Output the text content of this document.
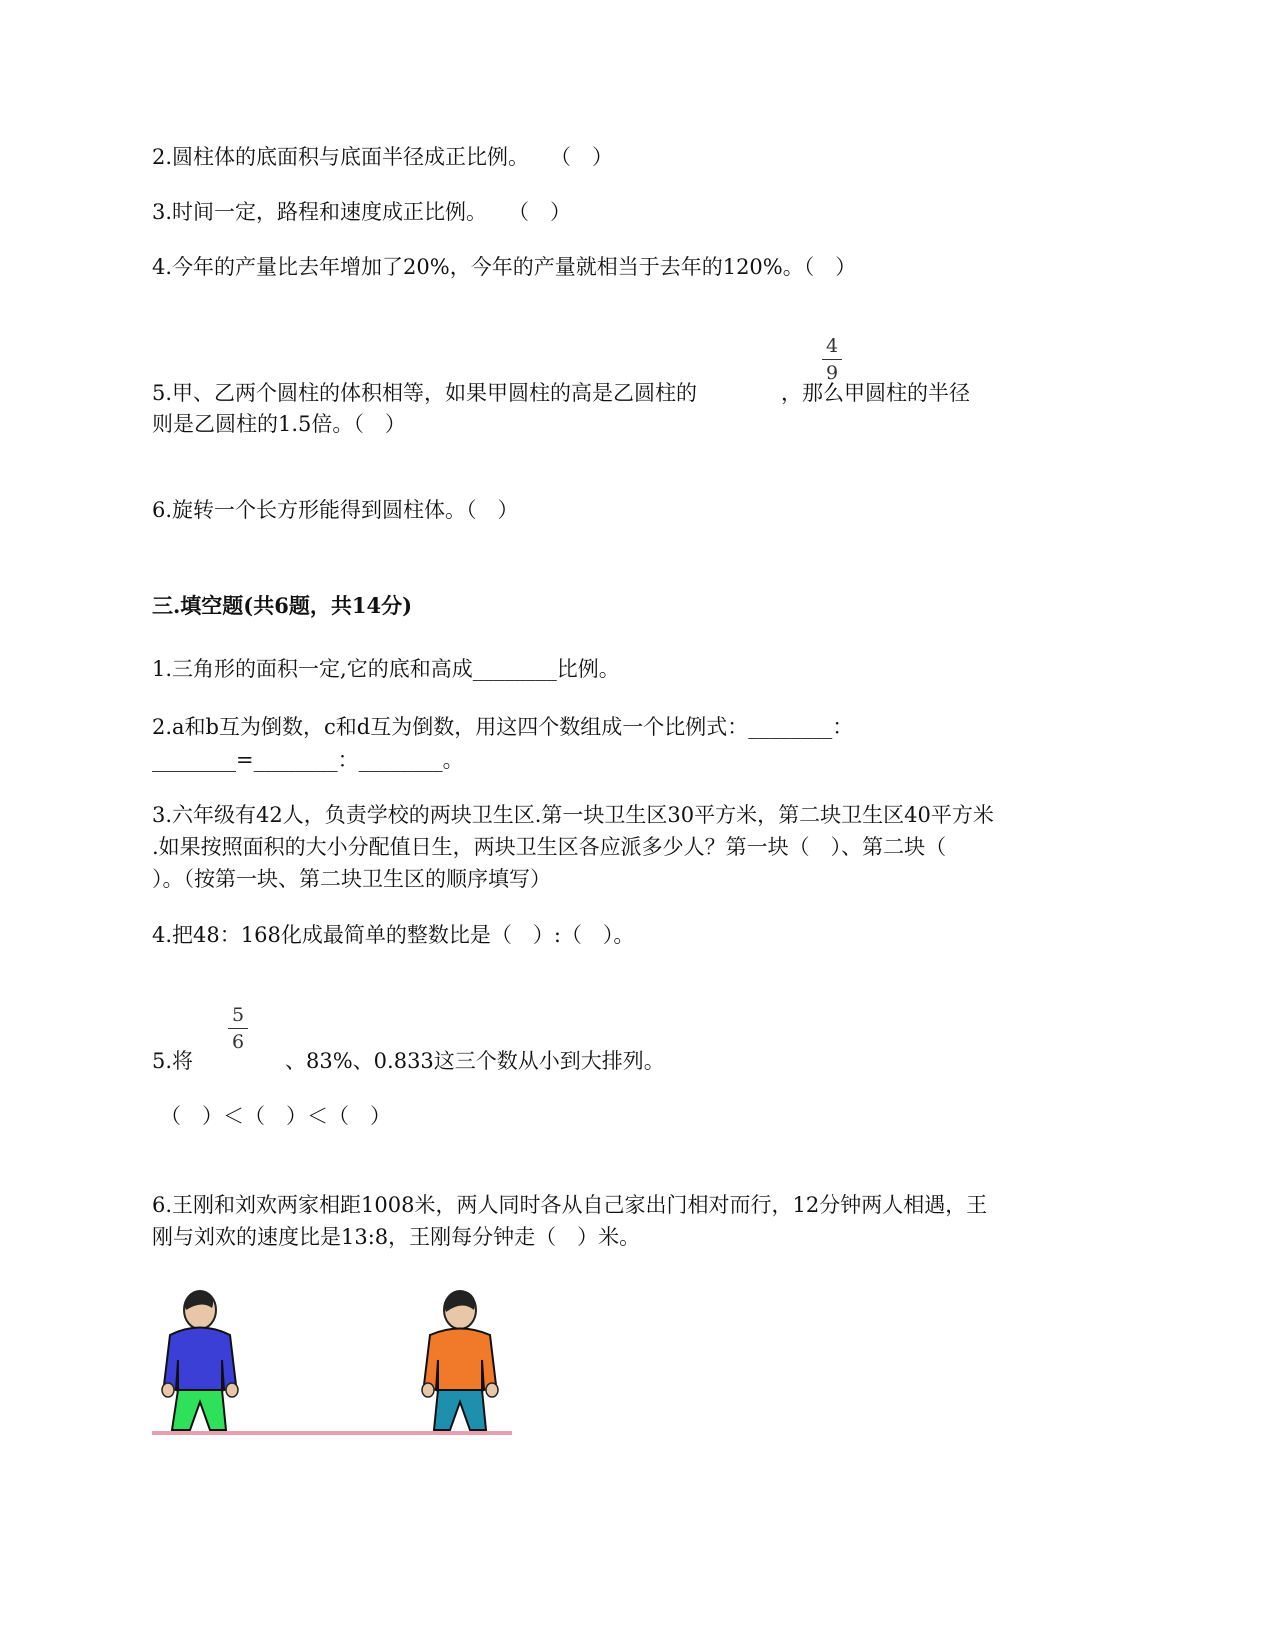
2.圆柱体的底面积与底面半径成正比例。　　（　）
3.时间一定，路程和速度成正比例。　　（　）
4.今年的产量比去年增加了20%，今年的产量就相当于去年的120%。（　）
4
9
5.甲、乙两个圆柱的体积相等，如果甲圆柱的高是乙圆柱的　　　　，那么甲圆柱的半径
则是乙圆柱的1.5倍。（　）
6.旋转一个长方形能得到圆柱体。（　）
三.填空题(共6题，共14分)
1.三角形的面积一定,它的底和高成________比例。
2.a和b互为倒数，c和d互为倒数，用这四个数组成一个比例式：________：
________=________：________。
3.六年级有42人，负责学校的两块卫生区.第一块卫生区30平方米，第二块卫生区40平方米
.如果按照面积的大小分配值日生，两块卫生区各应派多少人？第一块（　）、第二块（
）。（按第一块、第二块卫生区的顺序填写）
4.把48：168化成最简单的整数比是（　）:（　）。
5
6
5.将	、83%、0.833这三个数从小到大排列。
（　）＜（　）＜（　）
6.王刚和刘欢两家相距1008米，两人同时各从自己家出门相对而行，12分钟两人相遇，王
刚与刘欢的速度比是13:8，王刚每分钟走（　）米。
